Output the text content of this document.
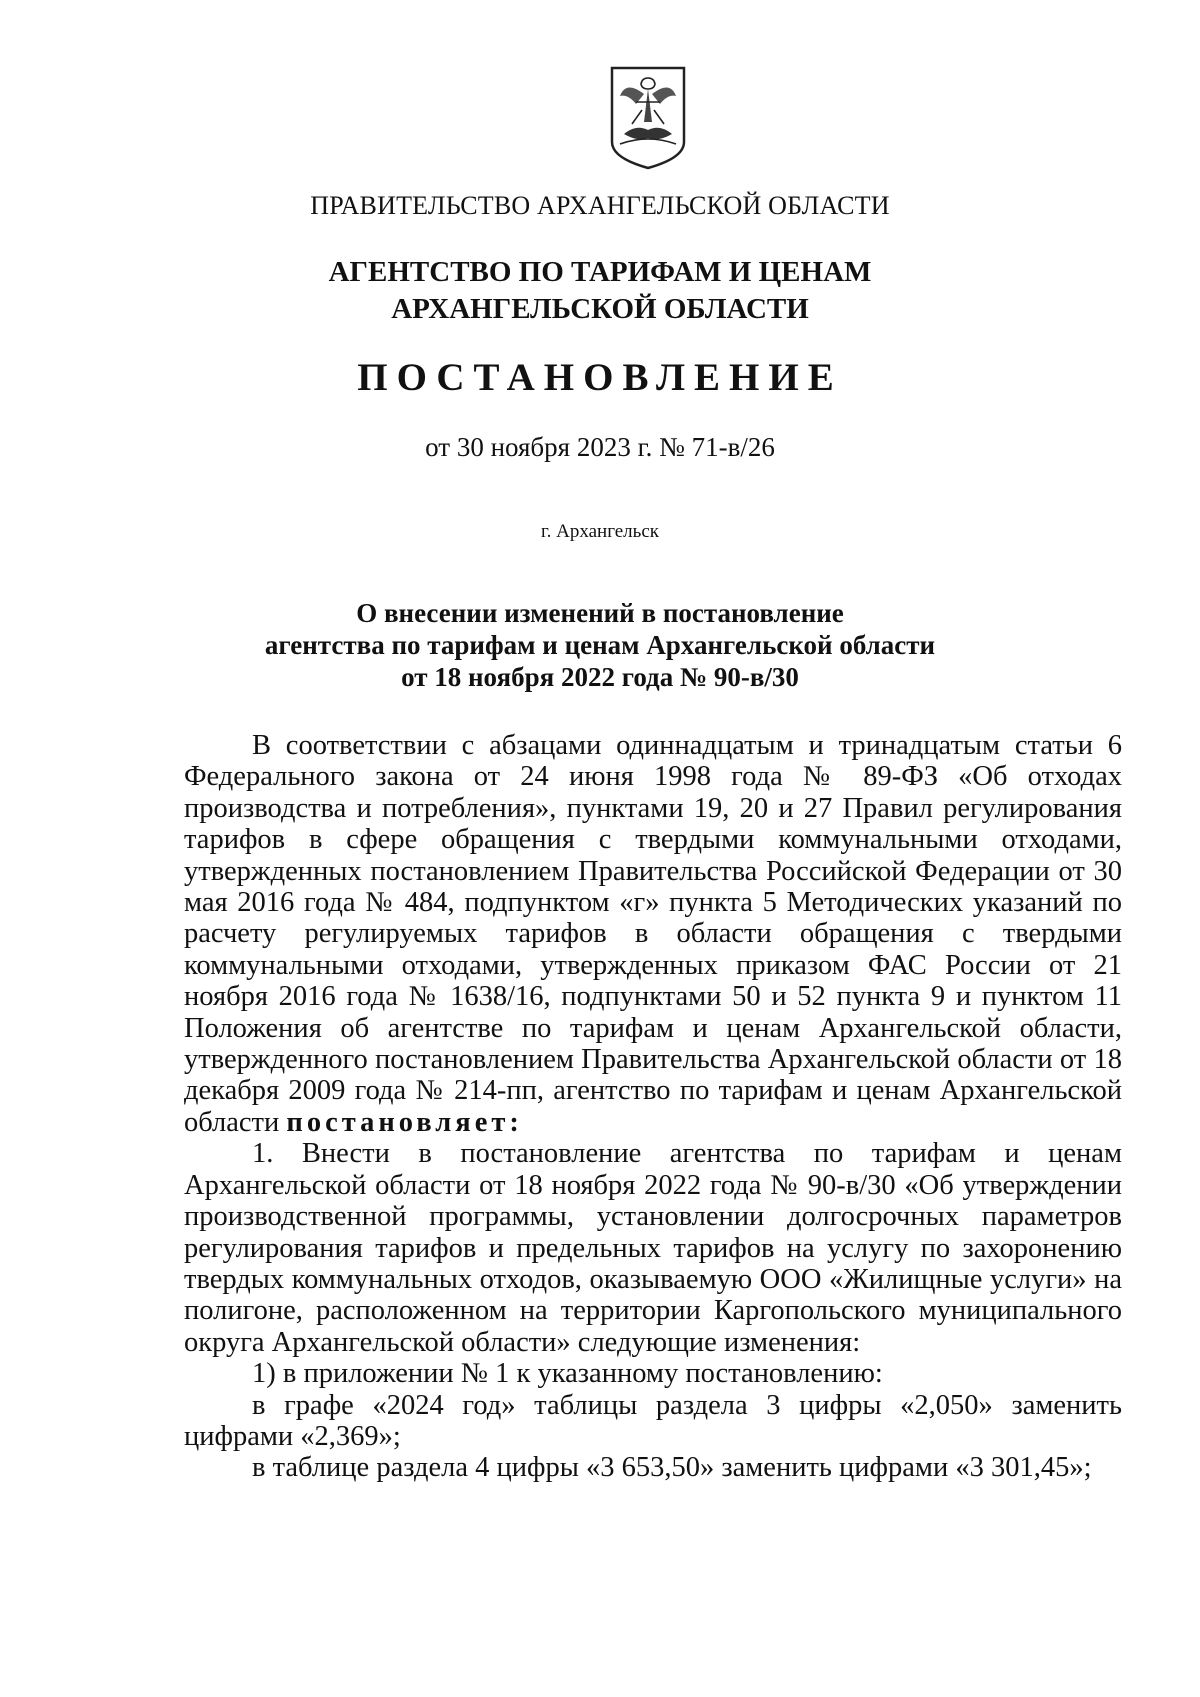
ПРАВИТЕЛЬСТВО АРХАНГЕЛЬСКОЙ ОБЛАСТИ
АГЕНТСТВО ПО ТАРИФАМ И ЦЕНАМ
АРХАНГЕЛЬСКОЙ ОБЛАСТИ
ПОСТАНОВЛЕНИЕ
от 30 ноября 2023 г. № 71-в/26
г. Архангельск
О внесении изменений в постановление
агентства по тарифам и ценам Архангельской области
от 18 ноября 2022 года № 90-в/30

В соответствии с абзацами одиннадцатым и тринадцатым статьи 6 Федерального закона от 24 июня 1998 года № 89-ФЗ «Об отходах производства и потребления», пунктами 19, 20 и 27 Правил регулирования тарифов в сфере обращения с твердыми коммунальными отходами, утвержденных постановлением Правительства Российской Федерации от 30 мая 2016 года № 484, подпунктом «г» пункта 5 Методических указаний по расчету регулируемых тарифов в области обращения с твердыми коммунальными отходами, утвержденных приказом ФАС России от 21 ноября 2016 года № 1638/16, подпунктами 50 и 52 пункта 9 и пунктом 11 Положения об агентстве по тарифам и ценам Архангельской области, утвержденного постановлением Правительства Архангельской области от 18 декабря 2009 года № 214-пп, агентство по тарифам и ценам Архангельской области постановляет:

1. Внести в постановление агентства по тарифам и ценам Архангельской области от 18 ноября 2022 года № 90-в/30 «Об утверждении производственной программы, установлении долгосрочных параметров регулирования тарифов и предельных тарифов на услугу по захоронению твердых коммунальных отходов, оказываемую ООО «Жилищные услуги» на полигоне, расположенном на территории Каргопольского муниципального округа Архангельской области» следующие изменения:

1) в приложении № 1 к указанному постановлению:

в графе «2024 год» таблицы раздела 3 цифры «2,050» заменить цифрами «2,369»;

в таблице раздела 4 цифры «3 653,50» заменить цифрами «3 301,45»;
